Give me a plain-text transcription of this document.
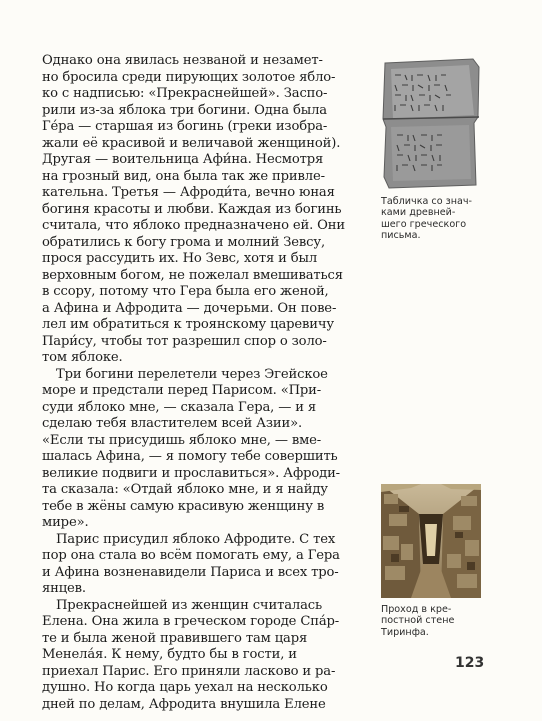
Однако она явилась незваной и незамет-
но бросила среди пирующих золотое ябло-
ко с надписью: «Прекраснейшей». Заспо-
рили из-за яблока три богини. Одна была
Ге́ра — старшая из богинь (греки изобра-
жали её красивой и величавой женщиной).
Другая — воительница Афи́на. Несмотря
на грозный вид, она была так же привле-
кательна. Третья — Афроди́та, вечно юная
богиня красоты и любви. Каждая из богинь
считала, что яблоко предназначено ей. Они
обратились к богу грома и молний Зевсу,
прося рассудить их. Но Зевс, хотя и был
верховным богом, не пожелал вмешиваться
в ссору, потому что Гера была его женой,
а Афина и Афродита — дочерьми. Он пове-
лел им обратиться к троянскому царевичу
Пари́су, чтобы тот разрешил спор о золо-
том яблоке.

Три богини перелетели через Эгейское
море и предстали перед Парисом. «При-
суди яблоко мне, — сказала Гера, — и я
сделаю тебя властителем всей Азии».
«Если ты присудишь яблоко мне, — вме-
шалась Афина, — я помогу тебе совершить
великие подвиги и прославиться». Афроди-
та сказала: «Отдай яблоко мне, и я найду
тебе в жёны самую красивую женщину в
мире».

Парис присудил яблоко Афродите. С тех
пор она стала во всём помогать ему, а Гера
и Афина возненавидели Париса и всех тро-
янцев.

Прекраснейшей из женщин считалась
Елена. Она жила в греческом городе Спа́р-
те и была женой правившего там царя
Менела́я. К нему, будто бы в гости, и
приехал Парис. Его приняли ласково и ра-
душно. Но когда царь уехал на несколько
дней по делам, Афродита внушила Елене

Табличка со знач-
ками древней-
шего греческого
письма.
Проход в кре-
постной стене
Тиринфа.
123
